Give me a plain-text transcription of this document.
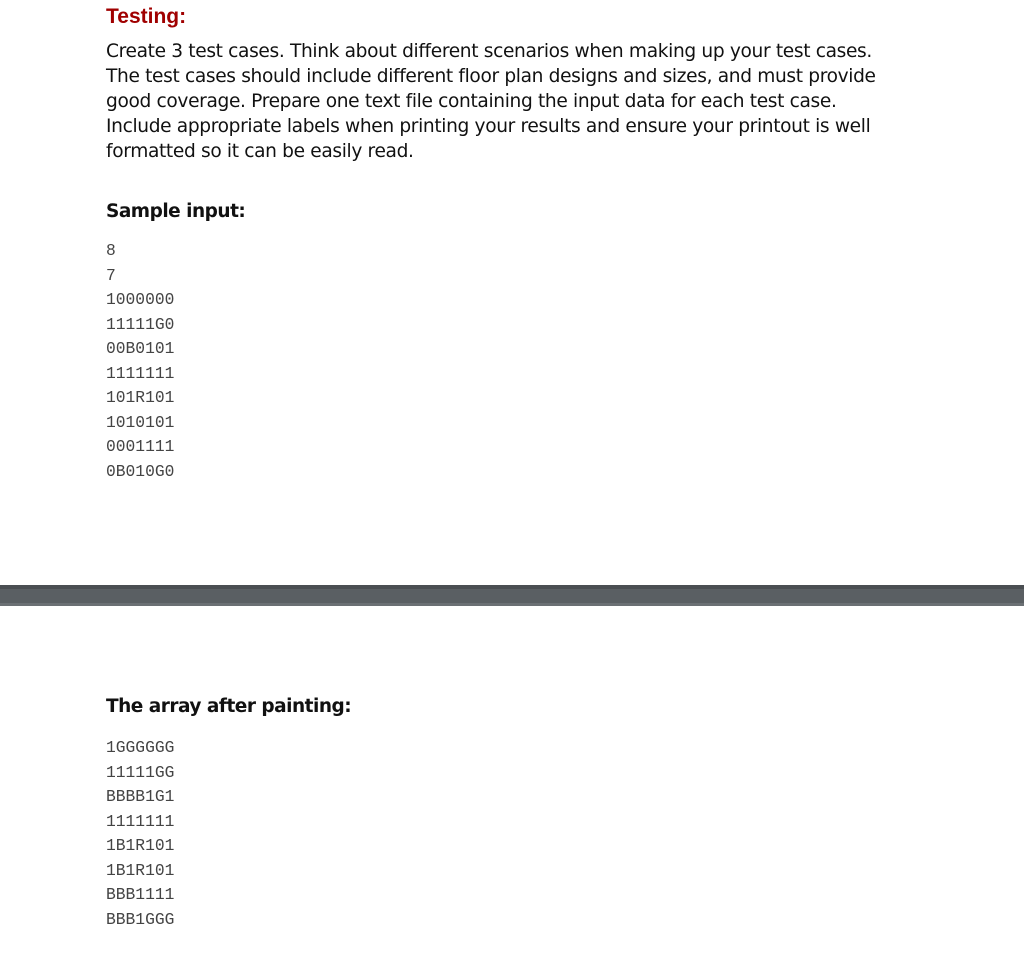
Testing:

Create 3 test cases. Think about different scenarios when making up your test cases.
The test cases should include different floor plan designs and sizes, and must provide
good coverage. Prepare one text file containing the input data for each test case.
Include appropriate labels when printing your results and ensure your printout is well
formatted so it can be easily read.

Sample input:
8
7
1000000
11111G0
00B0101
1111111
101R101
1010101
0001111
0B010G0
The array after painting:
1GGGGGG
11111GG
BBBB1G1
1111111
1B1R101
1B1R101
BBB1111
BBB1GGG
